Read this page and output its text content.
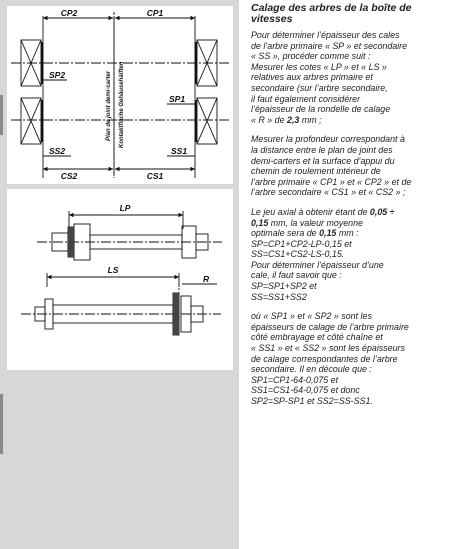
CP2	CP1
SP2
SP1
SS2	SS1
CS2	CS1
Plan de joint demi-carter Kontaktfläche Gehäusehälften
LP
LS
R
Calage des arbres de la boîte de vitesses
Pour déterminer l’épaisseur des cales
de l’arbre primaire « SP » et secondaire
« SS », procéder comme suit :
Mesurer les cotes « LP » et « LS »
relatives aux arbres primaire et
secondaire (sur l’arbre secondaire,
il faut également considérer
l’épaisseur de la rondelle de calage
« R » de 2,3 mm ;
Mesurer la profondeur correspondant à
la distance entre le plan de joint des
demi-carters et la surface d’appui du
chemin de roulement intérieur de
l’arbre primaire « CP1 » et « CP2 » et de
l’arbre secondaire « CS1 » et « CS2 » ;
Le jeu axial à obtenir étant de 0,05 ÷
0,15 mm, la valeur moyenne
optimale sera de 0,15 mm :
SP=CP1+CP2-LP-0,15 et
SS=CS1+CS2-LS-0,15.
Pour déterminer l’épaisseur d’une
cale, il faut savoir que :
SP=SP1+SP2 et
SS=SS1+SS2
où « SP1 » et « SP2 » sont les
épaisseurs de calage de l’arbre primaire
côté embrayage et côté chaîne et
« SS1 » et « SS2 » sont les épaisseurs
de calage correspondantes de l’arbre
secondaire. Il en découle que :
SP1=CP1-64-0,075 et
SS1=CS1-64-0,075 et donc
SP2=SP-SP1 et SS2=SS-SS1.
